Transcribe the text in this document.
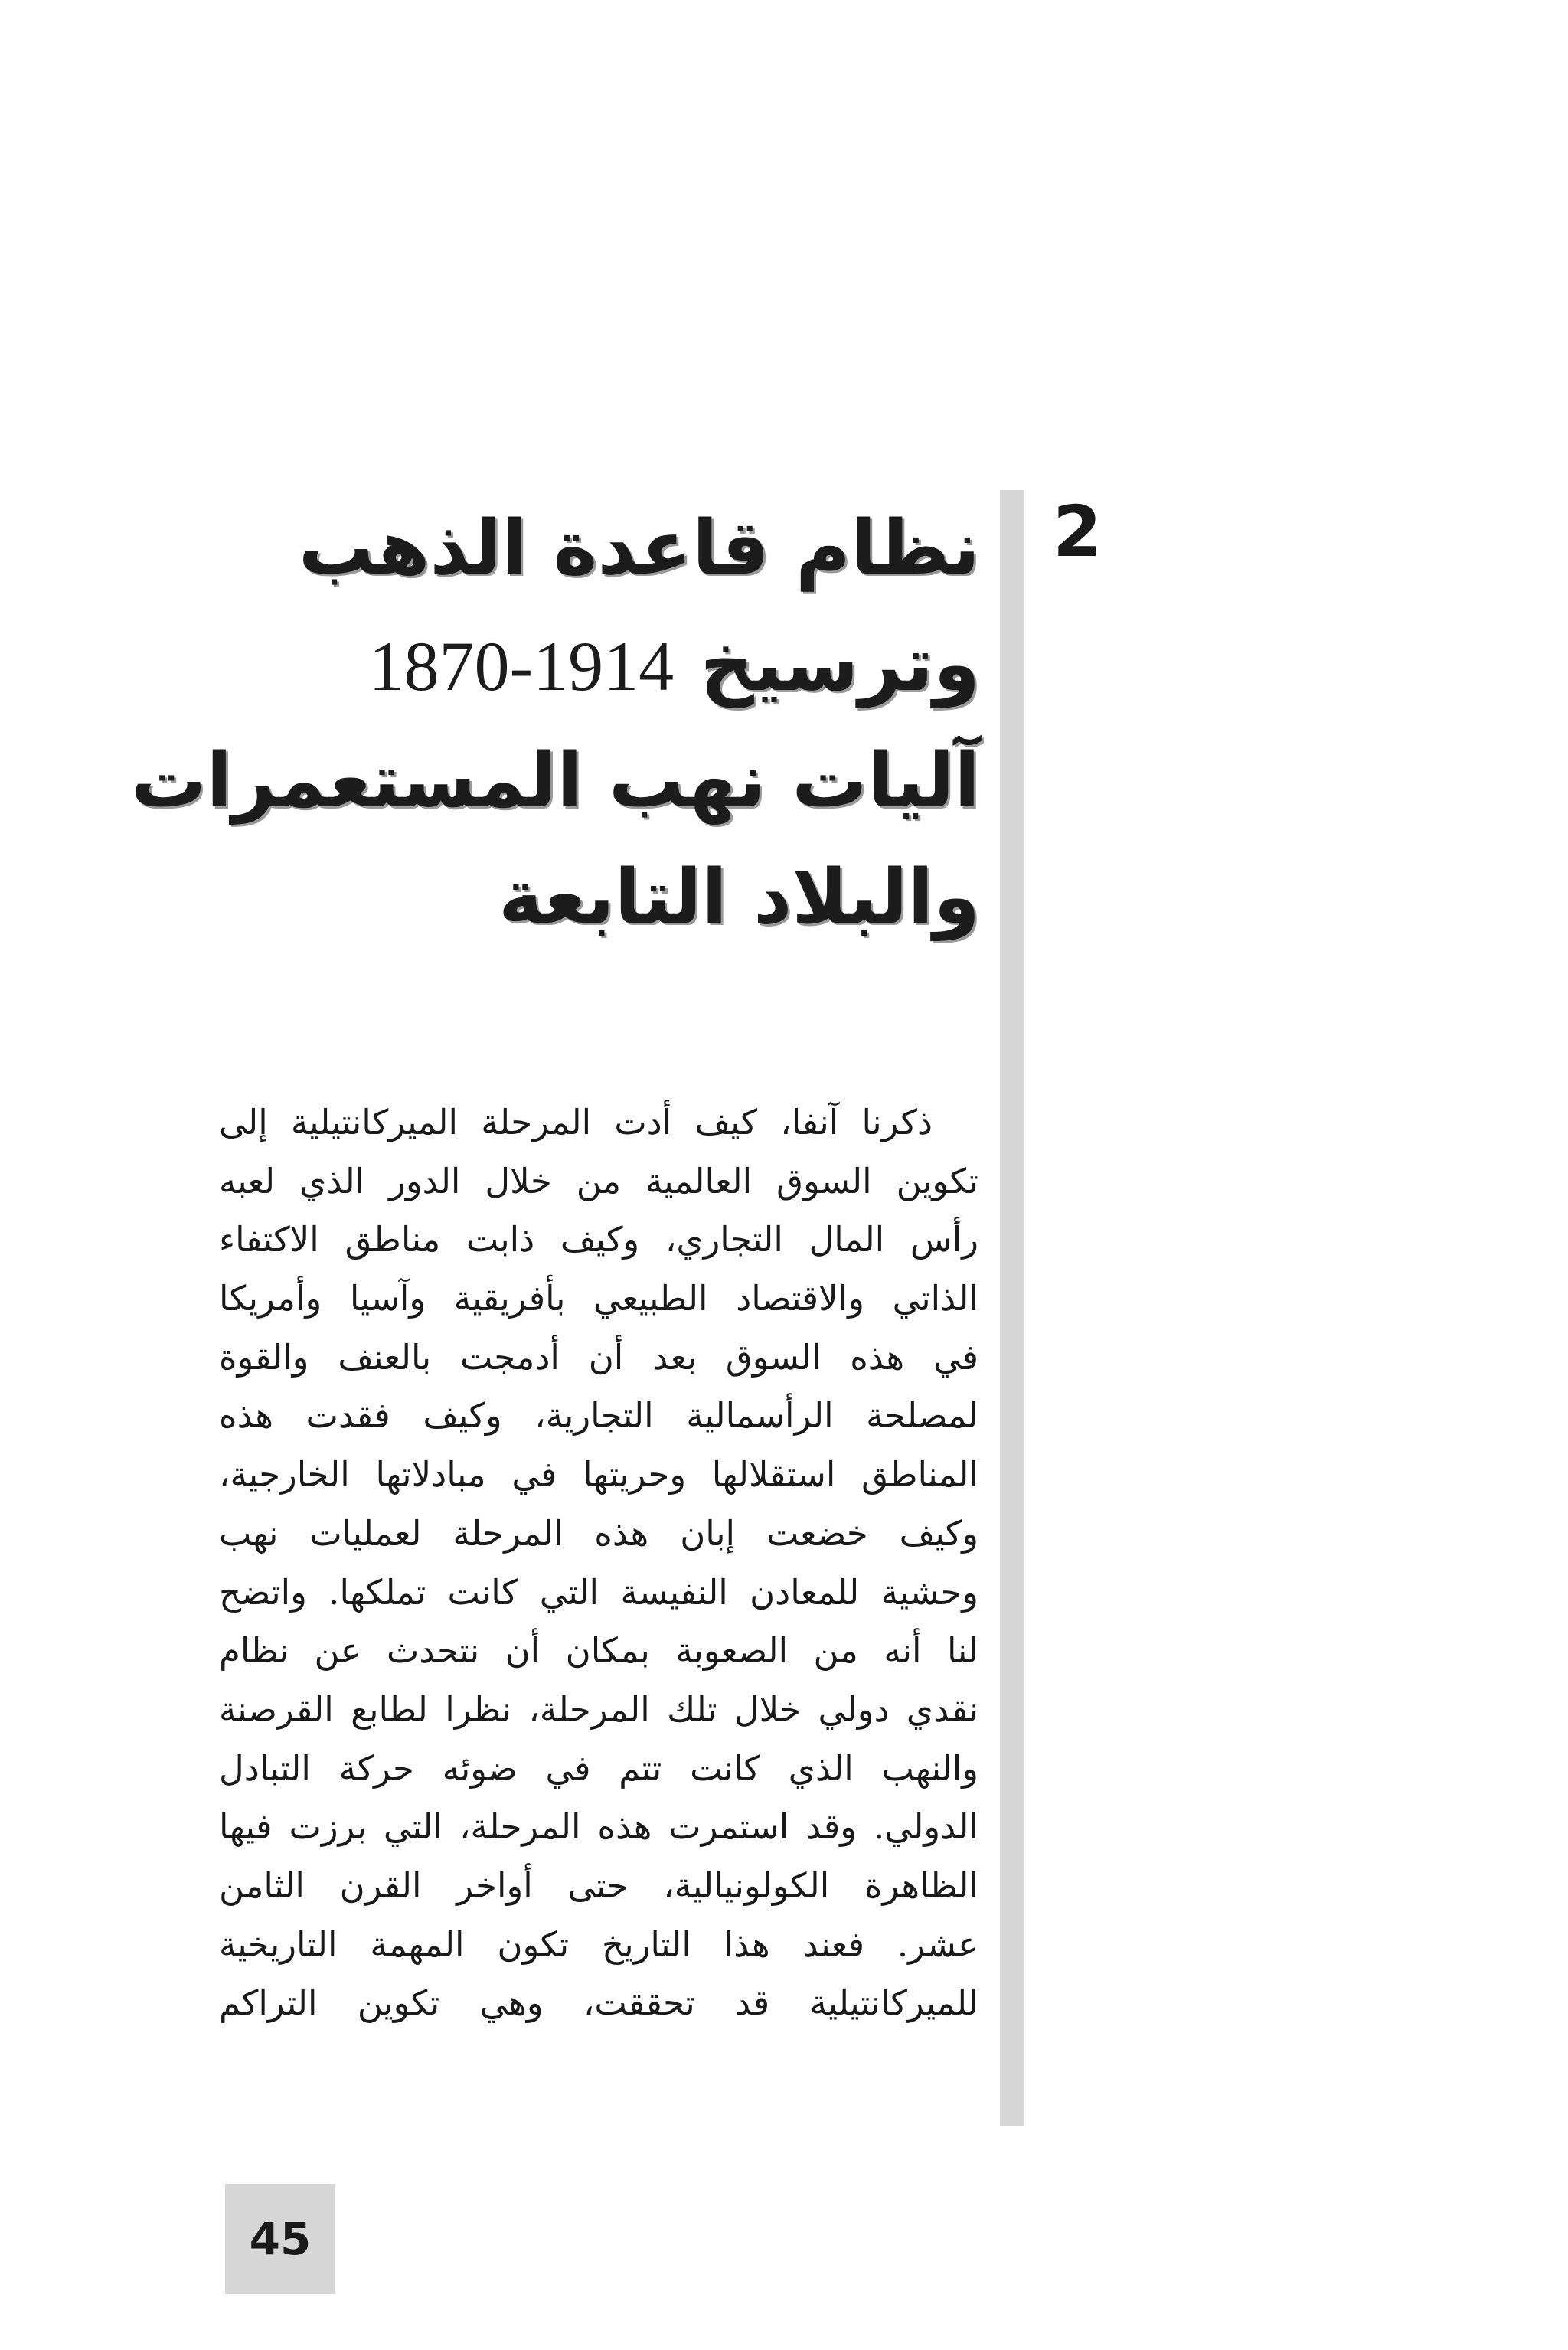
2
نظام قاعدة الذهب
وترسيخ 1870-1914
آليات نهب المستعمرات
والبلاد التابعة
ذكرنا آنفا، كيف أدت المرحلة الميركانتيلية إلى
تكوين السوق العالمية من خلال الدور الذي لعبه
رأس المال التجاري، وكيف ذابت مناطق الاكتفاء
الذاتي والاقتصاد الطبيعي بأفريقية وآسيا وأمريكا
في هذه السوق بعد أن أدمجت بالعنف والقوة
لمصلحة الرأسمالية التجارية، وكيف فقدت هذه
المناطق استقلالها وحريتها في مبادلاتها الخارجية،
وكيف خضعت إبان هذه المرحلة لعمليات نهب
وحشية للمعادن النفيسة التي كانت تملكها. واتضح
لنا أنه من الصعوبة بمكان أن نتحدث عن نظام
نقدي دولي خلال تلك المرحلة، نظرا لطابع القرصنة
والنهب الذي كانت تتم في ضوئه حركة التبادل
الدولي. وقد استمرت هذه المرحلة، التي برزت فيها
الظاهرة الكولونيالية، حتى أواخر القرن الثامن
عشر. فعند هذا التاريخ تكون المهمة التاريخية
للميركانتيلية قد تحققت، وهي تكوين التراكم
45
